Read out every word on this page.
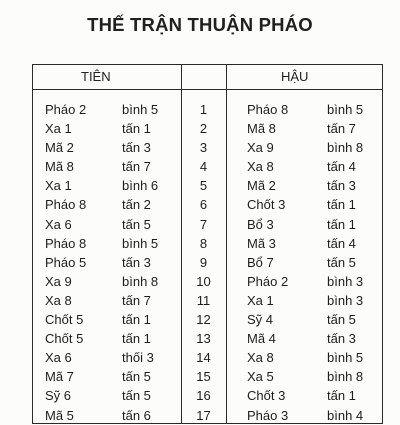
THẾ TRẬN THUẬN PHÁO
TIÊN	HẬU
Pháo 2	bình 5	1	Pháo 8	bình 5
Xa 1	tấn 1	2	Mã 8	tấn 7
Mã 2	tấn 3	3	Xa 9	bình 8
Mã 8	tấn 7	4	Xa 8	tấn 4
Xa 1	bình 6	5	Mã 2	tấn 3
Pháo 8	tấn 2	6	Chốt 3	tấn 1
Xa 6	tấn 5	7	Bổ 3	tấn 1
Pháo 8	bình 5	8	Mã 3	tấn 4
Pháo 5	tấn 3	9	Bổ 7	tấn 5
Xa 9	bình 8	10	Pháo 2	bình 3
Xa 8	tấn 7	11	Xa 1	bình 3
Chốt 5	tấn 1	12	Sỹ 4	tấn 5
Chốt 5	tấn 1	13	Mã 4	tấn 3
Xa 6	thối 3	14	Xa 8	bình 5
Mã 7	tấn 5	15	Xa 5	bình 8
Sỹ 6	tấn 5	16	Chốt 3	tấn 1
Mã 5	tấn 6	17	Pháo 3	bình 4
